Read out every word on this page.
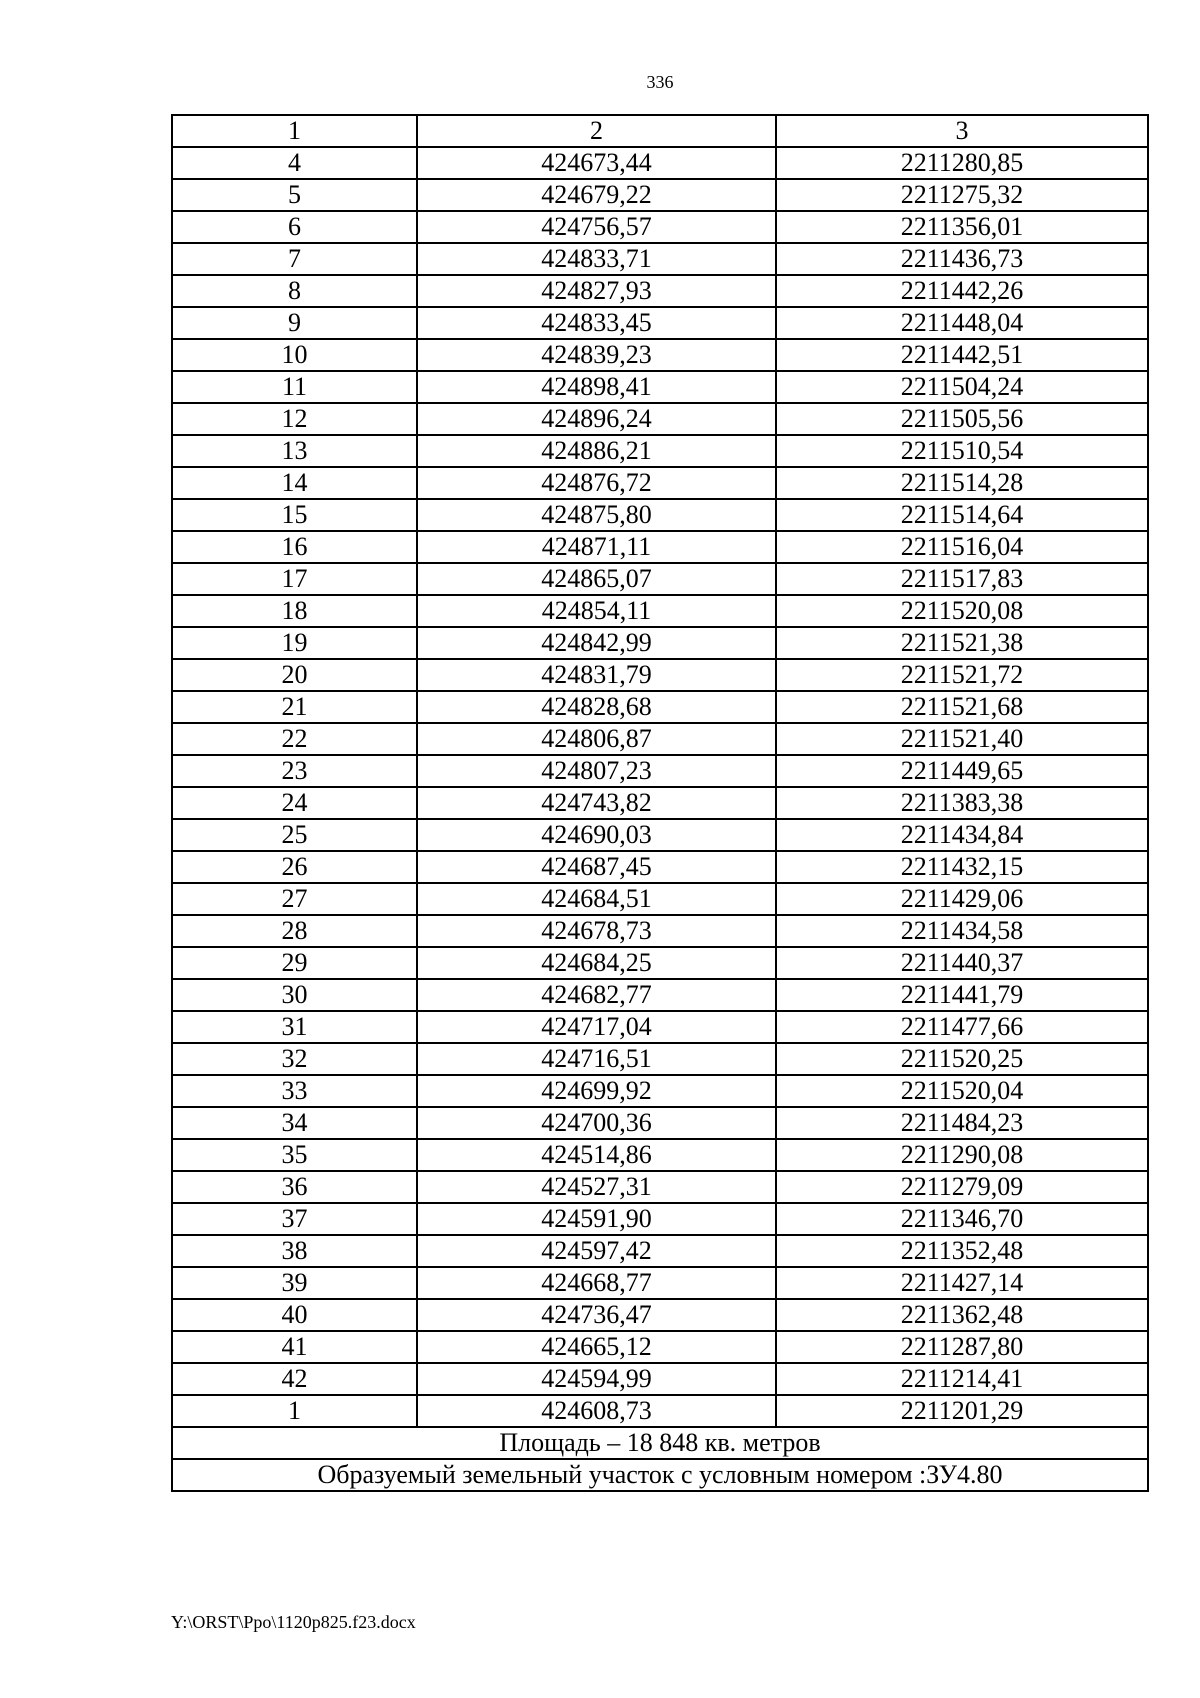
336
1	2	3
4	424673,44	2211280,85
5	424679,22	2211275,32
6	424756,57	2211356,01
7	424833,71	2211436,73
8	424827,93	2211442,26
9	424833,45	2211448,04
10	424839,23	2211442,51
11	424898,41	2211504,24
12	424896,24	2211505,56
13	424886,21	2211510,54
14	424876,72	2211514,28
15	424875,80	2211514,64
16	424871,11	2211516,04
17	424865,07	2211517,83
18	424854,11	2211520,08
19	424842,99	2211521,38
20	424831,79	2211521,72
21	424828,68	2211521,68
22	424806,87	2211521,40
23	424807,23	2211449,65
24	424743,82	2211383,38
25	424690,03	2211434,84
26	424687,45	2211432,15
27	424684,51	2211429,06
28	424678,73	2211434,58
29	424684,25	2211440,37
30	424682,77	2211441,79
31	424717,04	2211477,66
32	424716,51	2211520,25
33	424699,92	2211520,04
34	424700,36	2211484,23
35	424514,86	2211290,08
36	424527,31	2211279,09
37	424591,90	2211346,70
38	424597,42	2211352,48
39	424668,77	2211427,14
40	424736,47	2211362,48
41	424665,12	2211287,80
42	424594,99	2211214,41
1	424608,73	2211201,29
Площадь – 18 848 кв. метров		
Образуемый земельный участок с условным номером :ЗУ4.80		
Y:\ORST\Ppo\1120p825.f23.docx
